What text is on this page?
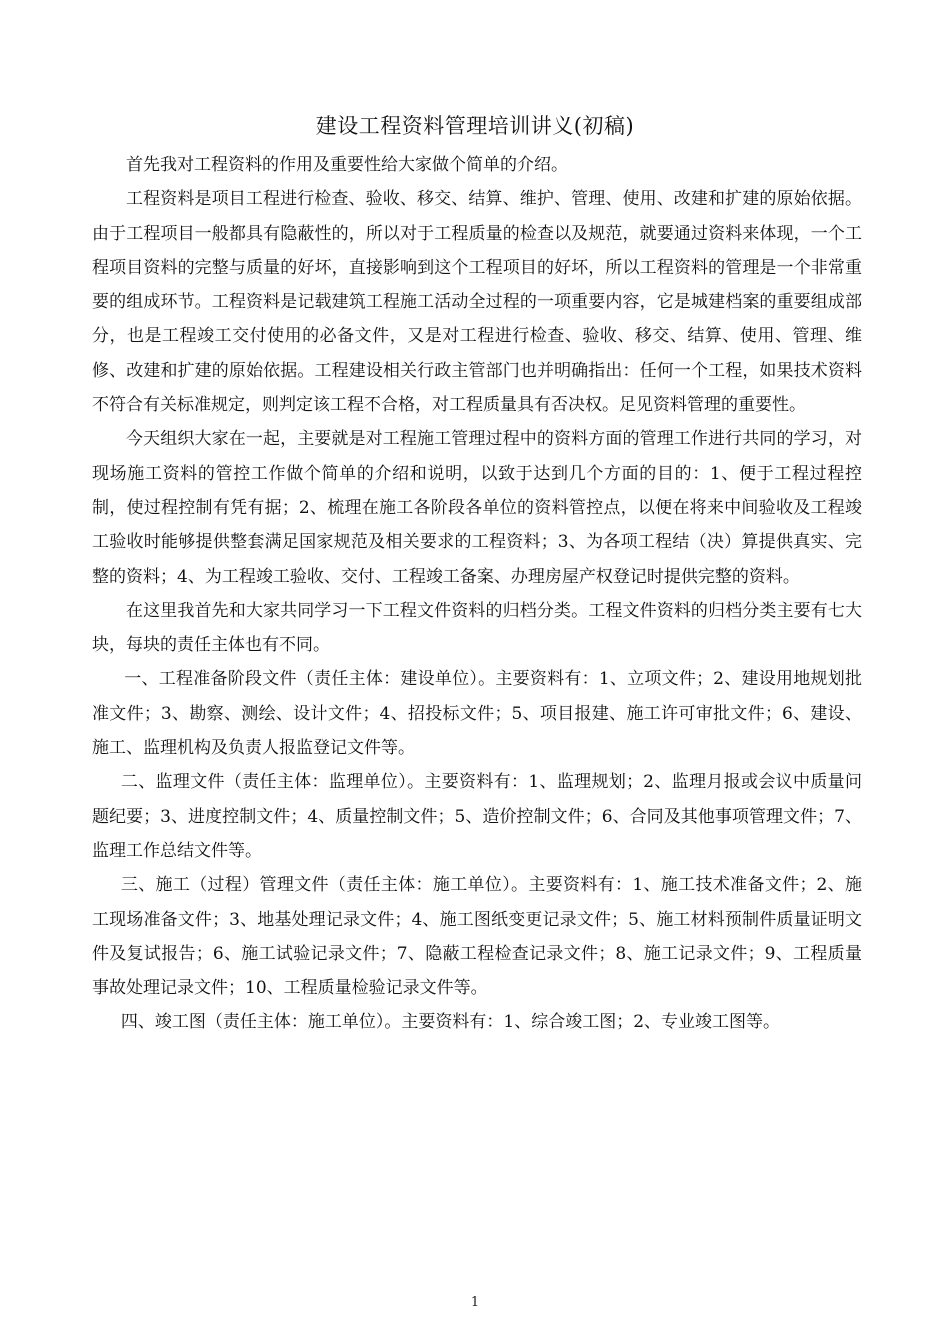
建设工程资料管理培训讲义(初稿)

首先我对工程资料的作用及重要性给大家做个简单的介绍。

工程资料是项目工程进行检查、验收、移交、结算、维护、管理、使用、改建和扩建的原始依据。由于工程项目一般都具有隐蔽性的，所以对于工程质量的检查以及规范，就要通过资料来体现，一个工程项目资料的完整与质量的好坏，直接影响到这个工程项目的好坏，所以工程资料的管理是一个非常重要的组成环节。工程资料是记载建筑工程施工活动全过程的一项重要内容，它是城建档案的重要组成部分，也是工程竣工交付使用的必备文件，又是对工程进行检查、验收、移交、结算、使用、管理、维修、改建和扩建的原始依据。工程建设相关行政主管部门也并明确指出：任何一个工程，如果技术资料不符合有关标准规定，则判定该工程不合格，对工程质量具有否决权。足见资料管理的重要性。

今天组织大家在一起，主要就是对工程施工管理过程中的资料方面的管理工作进行共同的学习，对现场施工资料的管控工作做个简单的介绍和说明，以致于达到几个方面的目的：1、便于工程过程控制，使过程控制有凭有据；2、梳理在施工各阶段各单位的资料管控点，以便在将来中间验收及工程竣工验收时能够提供整套满足国家规范及相关要求的工程资料；3、为各项工程结（决）算提供真实、完整的资料；4、为工程竣工验收、交付、工程竣工备案、办理房屋产权登记时提供完整的资料。

在这里我首先和大家共同学习一下工程文件资料的归档分类。工程文件资料的归档分类主要有七大块，每块的责任主体也有不同。

一、工程准备阶段文件（责任主体：建设单位）。主要资料有：1、立项文件；2、建设用地规划批准文件；3、勘察、测绘、设计文件；4、招投标文件；5、项目报建、施工许可审批文件；6、建设、施工、监理机构及负责人报监登记文件等。

二、监理文件（责任主体：监理单位）。主要资料有：1、监理规划；2、监理月报或会议中质量问题纪要；3、进度控制文件；4、质量控制文件；5、造价控制文件；6、合同及其他事项管理文件；7、监理工作总结文件等。

三、施工（过程）管理文件（责任主体：施工单位）。主要资料有：1、施工技术准备文件；2、施工现场准备文件；3、地基处理记录文件；4、施工图纸变更记录文件；5、施工材料预制件质量证明文件及复试报告；6、施工试验记录文件；7、隐蔽工程检查记录文件；8、施工记录文件；9、工程质量事故处理记录文件；10、工程质量检验记录文件等。

四、竣工图（责任主体：施工单位）。主要资料有：1、综合竣工图；2、专业竣工图等。

1
